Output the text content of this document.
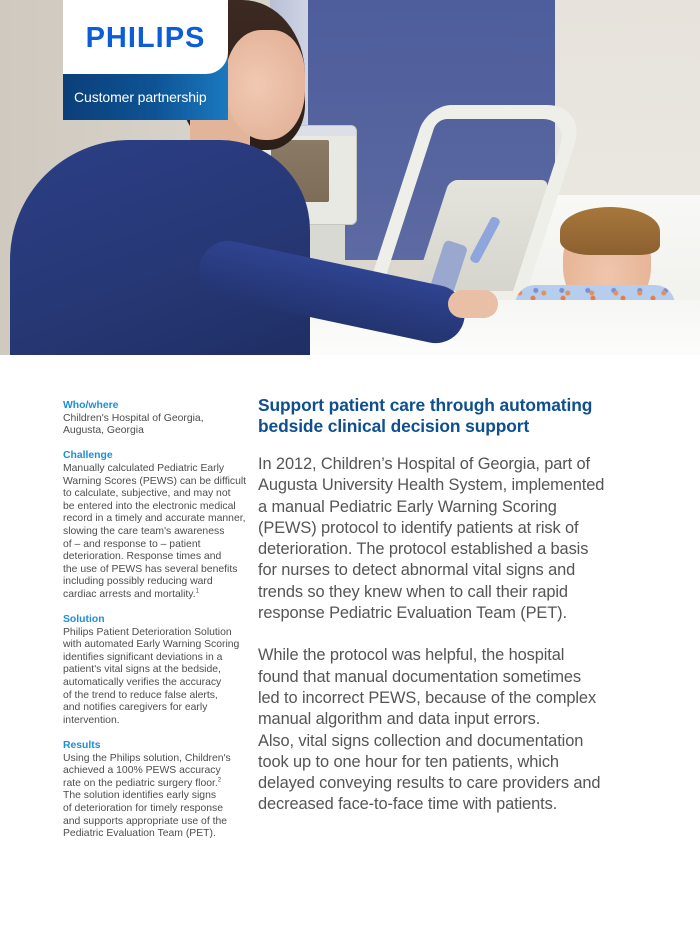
PHILIPS
Customer partnership
Who/where
Children's Hospital of Georgia,
Augusta, Georgia
Challenge
Manually calculated Pediatric Early
Warning Scores (PEWS) can be difficult
to calculate, subjective, and may not
be entered into the electronic medical
record in a timely and accurate manner,
slowing the care team's awareness
of – and response to – patient
deterioration. Response times and
the use of PEWS has several benefits
including possibly reducing ward
cardiac arrests and mortality.$^1$
Solution
Philips Patient Deterioration Solution
with automated Early Warning Scoring
identifies significant deviations in a
patient's vital signs at the bedside,
automatically verifies the accuracy
of the trend to reduce false alerts,
and notifies caregivers for early
intervention.
Results
Using the Philips solution, Children's
achieved a 100% PEWS accuracy
rate on the pediatric surgery floor.$^2$
The solution identifies early signs
of deterioration for timely response
and supports appropriate use of the
Pediatric Evaluation Team (PET).
Support patient care through automating
bedside clinical decision support

In 2012, Children’s Hospital of Georgia, part of
Augusta University Health System, implemented
a manual Pediatric Early Warning Scoring
(PEWS) protocol to identify patients at risk of
deterioration. The protocol established a basis
for nurses to detect abnormal vital signs and
trends so they knew when to call their rapid
response Pediatric Evaluation Team (PET).

While the protocol was helpful, the hospital
found that manual documentation sometimes
led to incorrect PEWS, because of the complex
manual algorithm and data input errors.
Also, vital signs collection and documentation
took up to one hour for ten patients, which
delayed conveying results to care providers and
decreased face-to-face time with patients.
